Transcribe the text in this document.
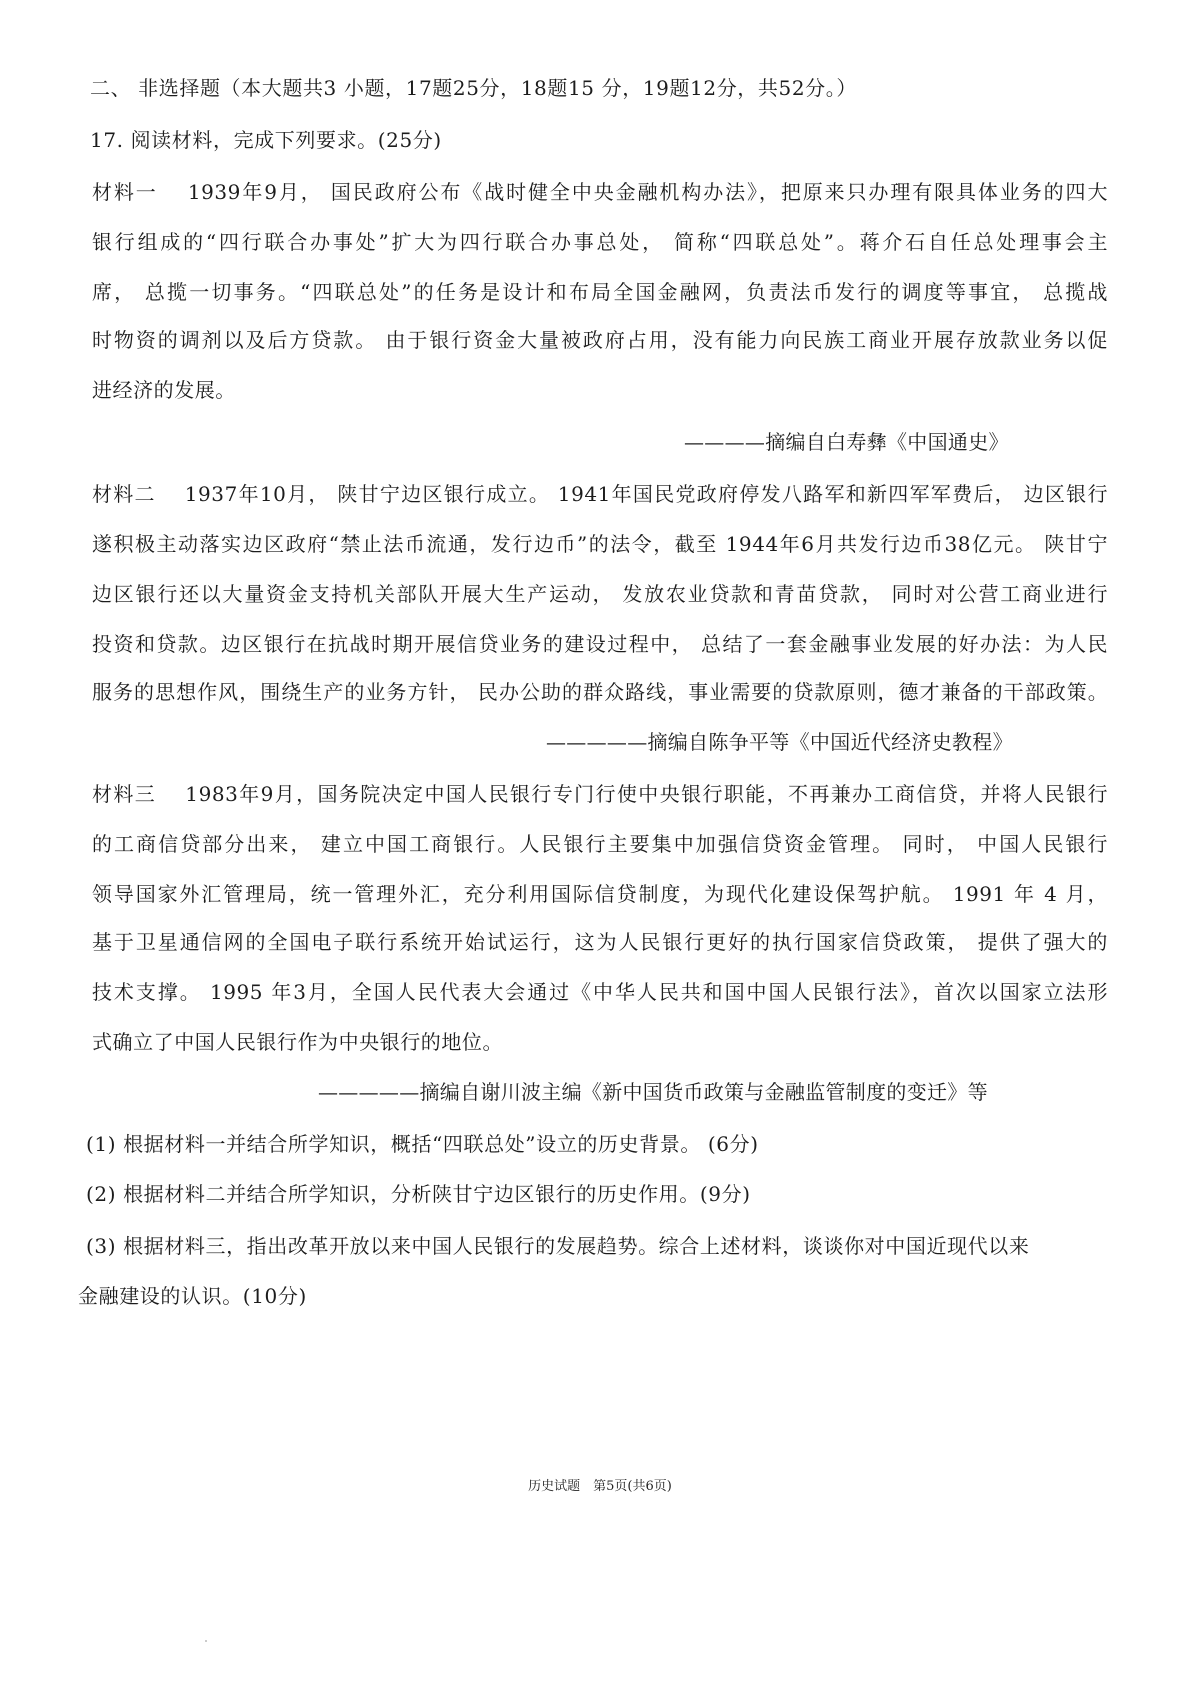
二、 非选择题（本大题共3 小题，17题25分，18题15 分，19题12分，共52分。）
17. 阅读材料，完成下列要求。(25分)
材料一　 1939年9月， 国民政府公布《战时健全中央金融机构办法》，把原来只办理有限具体业务的四大
银行组成的“四行联合办事处”扩大为四行联合办事总处， 简称“四联总处”。蒋介石自任总处理事会主
席， 总揽一切事务。“四联总处”的任务是设计和布局全国金融网，负责法币发行的调度等事宜， 总揽战
时物资的调剂以及后方贷款。 由于银行资金大量被政府占用，没有能力向民族工商业开展存放款业务以促
进经济的发展。
————摘编自白寿彝《中国通史》
材料二　 1937年10月， 陕甘宁边区银行成立。 1941年国民党政府停发八路军和新四军军费后， 边区银行
遂积极主动落实边区政府“禁止法币流通，发行边币”的法令，截至 1944年6月共发行边币38亿元。 陕甘宁
边区银行还以大量资金支持机关部队开展大生产运动， 发放农业贷款和青苗贷款， 同时对公营工商业进行
投资和贷款。边区银行在抗战时期开展信贷业务的建设过程中， 总结了一套金融事业发展的好办法：为人民
服务的思想作风，围绕生产的业务方针， 民办公助的群众路线，事业需要的贷款原则，德才兼备的干部政策。
—————摘编自陈争平等《中国近代经济史教程》
材料三　 1983年9月，国务院决定中国人民银行专门行使中央银行职能，不再兼办工商信贷，并将人民银行
的工商信贷部分出来， 建立中国工商银行。人民银行主要集中加强信贷资金管理。 同时， 中国人民银行
领导国家外汇管理局，统一管理外汇，充分利用国际信贷制度，为现代化建设保驾护航。 1991 年 4 月，
基于卫星通信网的全国电子联行系统开始试运行，这为人民银行更好的执行国家信贷政策， 提供了强大的
技术支撑。 1995 年3月，全国人民代表大会通过《中华人民共和国中国人民银行法》，首次以国家立法形
式确立了中国人民银行作为中央银行的地位。
—————摘编自谢川波主编《新中国货币政策与金融监管制度的变迁》等
(1) 根据材料一并结合所学知识，概括“四联总处”设立的历史背景。 (6分)
(2) 根据材料二并结合所学知识，分析陕甘宁边区银行的历史作用。(9分)
(3) 根据材料三，指出改革开放以来中国人民银行的发展趋势。综合上述材料，谈谈你对中国近现代以来
金融建设的认识。(10分)
历史试题　第5页(共6页)
